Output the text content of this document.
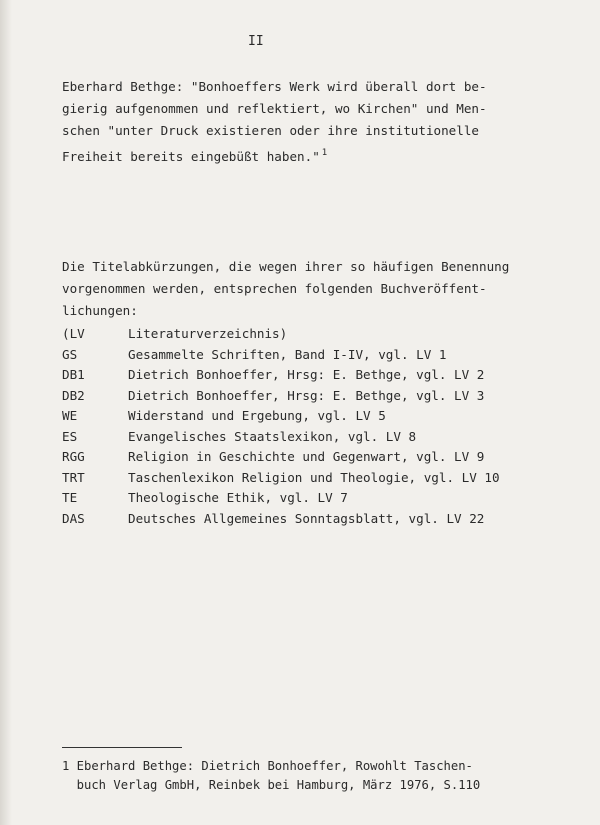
II
Eberhard Bethge: "Bonhoeffers Werk wird überall dort be-
gierig aufgenommen und reflektiert, wo Kirchen" und Men-
schen "unter Druck existieren oder ihre institutionelle
Freiheit bereits eingebüßt haben." $^1$
Die Titelabkürzungen, die wegen ihrer so häufigen Benennung
vorgenommen werden, entsprechen folgenden Buchveröffent-
lichungen:
(LV	Literaturverzeichnis)
GS	Gesammelte Schriften, Band I-IV, vgl. LV 1
DB1	Dietrich Bonhoeffer, Hrsg: E. Bethge, vgl. LV 2
DB2	Dietrich Bonhoeffer, Hrsg: E. Bethge, vgl. LV 3
WE	Widerstand und Ergebung, vgl. LV 5
ES	Evangelisches Staatslexikon, vgl. LV 8
RGG	Religion in Geschichte und Gegenwart, vgl. LV 9
TRT	Taschenlexikon Religion und Theologie, vgl. LV 10
TE	Theologische Ethik, vgl. LV 7
DAS	Deutsches Allgemeines Sonntagsblatt, vgl. LV 22
1 Eberhard Bethge: Dietrich Bonhoeffer, Rowohlt Taschen-
buch Verlag GmbH, Reinbek bei Hamburg, März 1976, S.110
